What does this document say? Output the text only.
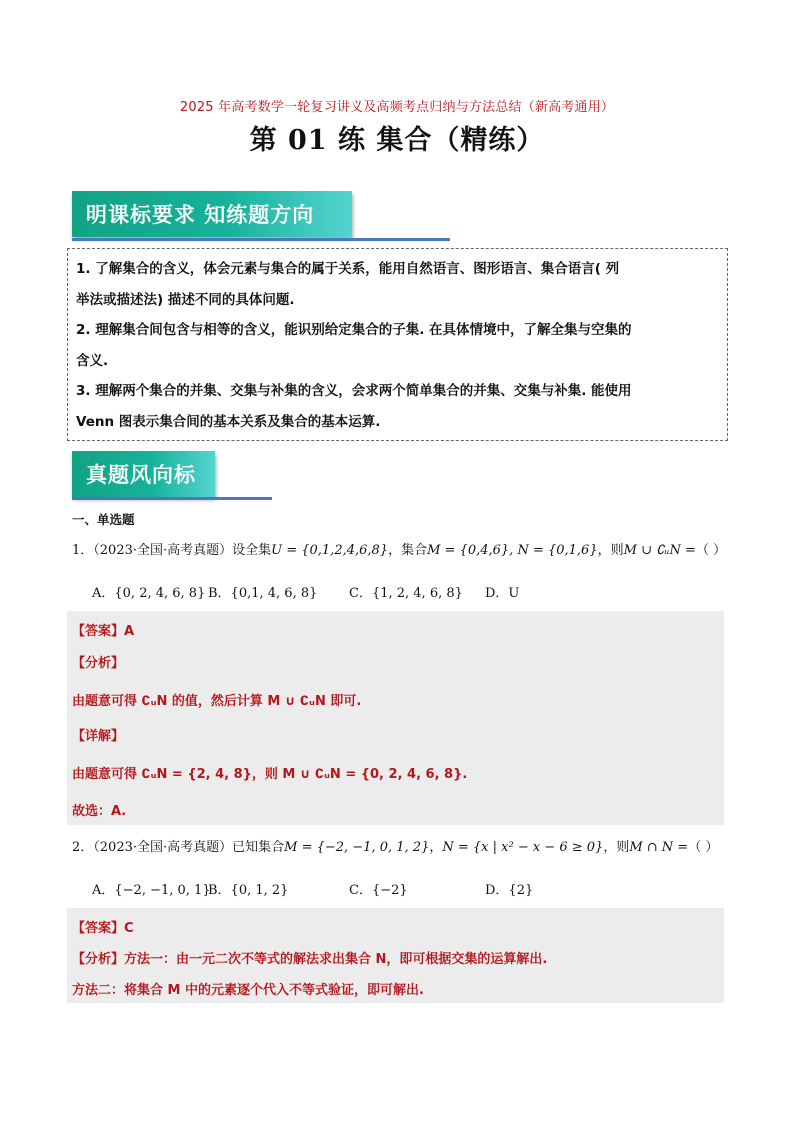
2025 年高考数学一轮复习讲义及高频考点归纳与方法总结（新高考通用）
第 01 练 集合（精练）
明课标要求 知练题方向

1. 了解集合的含义，体会元素与集合的属于关系，能用自然语言、图形语言、集合语言( 列

举法或描述法) 描述不同的具体问题.

2. 理解集合间包含与相等的含义，能识别给定集合的子集. 在具体情境中，了解全集与空集的

含义.

3. 理解两个集合的并集、交集与补集的含义，会求两个简单集合的并集、交集与补集. 能使用

Venn 图表示集合间的基本关系及集合的基本运算.

真题风向标
一、单选题
1．（2023·全国·高考真题）设全集U = {0,1,2,4,6,8}，集合M = {0,4,6}, N = {0,1,6}，则M ∪ ∁ᵤN =（ ）
A．{0, 2, 4, 6, 8} B．{0,1, 4, 6, 8} C．{1, 2, 4, 6, 8} D．U
【答案】A
【分析】
由题意可得 ∁ᵤN 的值，然后计算 M ∪ ∁ᵤN 即可.
【详解】
由题意可得 ∁ᵤN = {2, 4, 8}，则 M ∪ ∁ᵤN = {0, 2, 4, 6, 8}.
故选：A.
2．（2023·全国·高考真题）已知集合M = {−2, −1, 0, 1, 2}，N = {x | x² − x − 6 ≥ 0}，则M ∩ N =（ ）
A．{−2, −1, 0, 1}
B．{0, 1, 2}	C．{−2}	D．{2}
【答案】C
【分析】方法一：由一元二次不等式的解法求出集合 N，即可根据交集的运算解出.
方法二：将集合 M 中的元素逐个代入不等式验证，即可解出.
